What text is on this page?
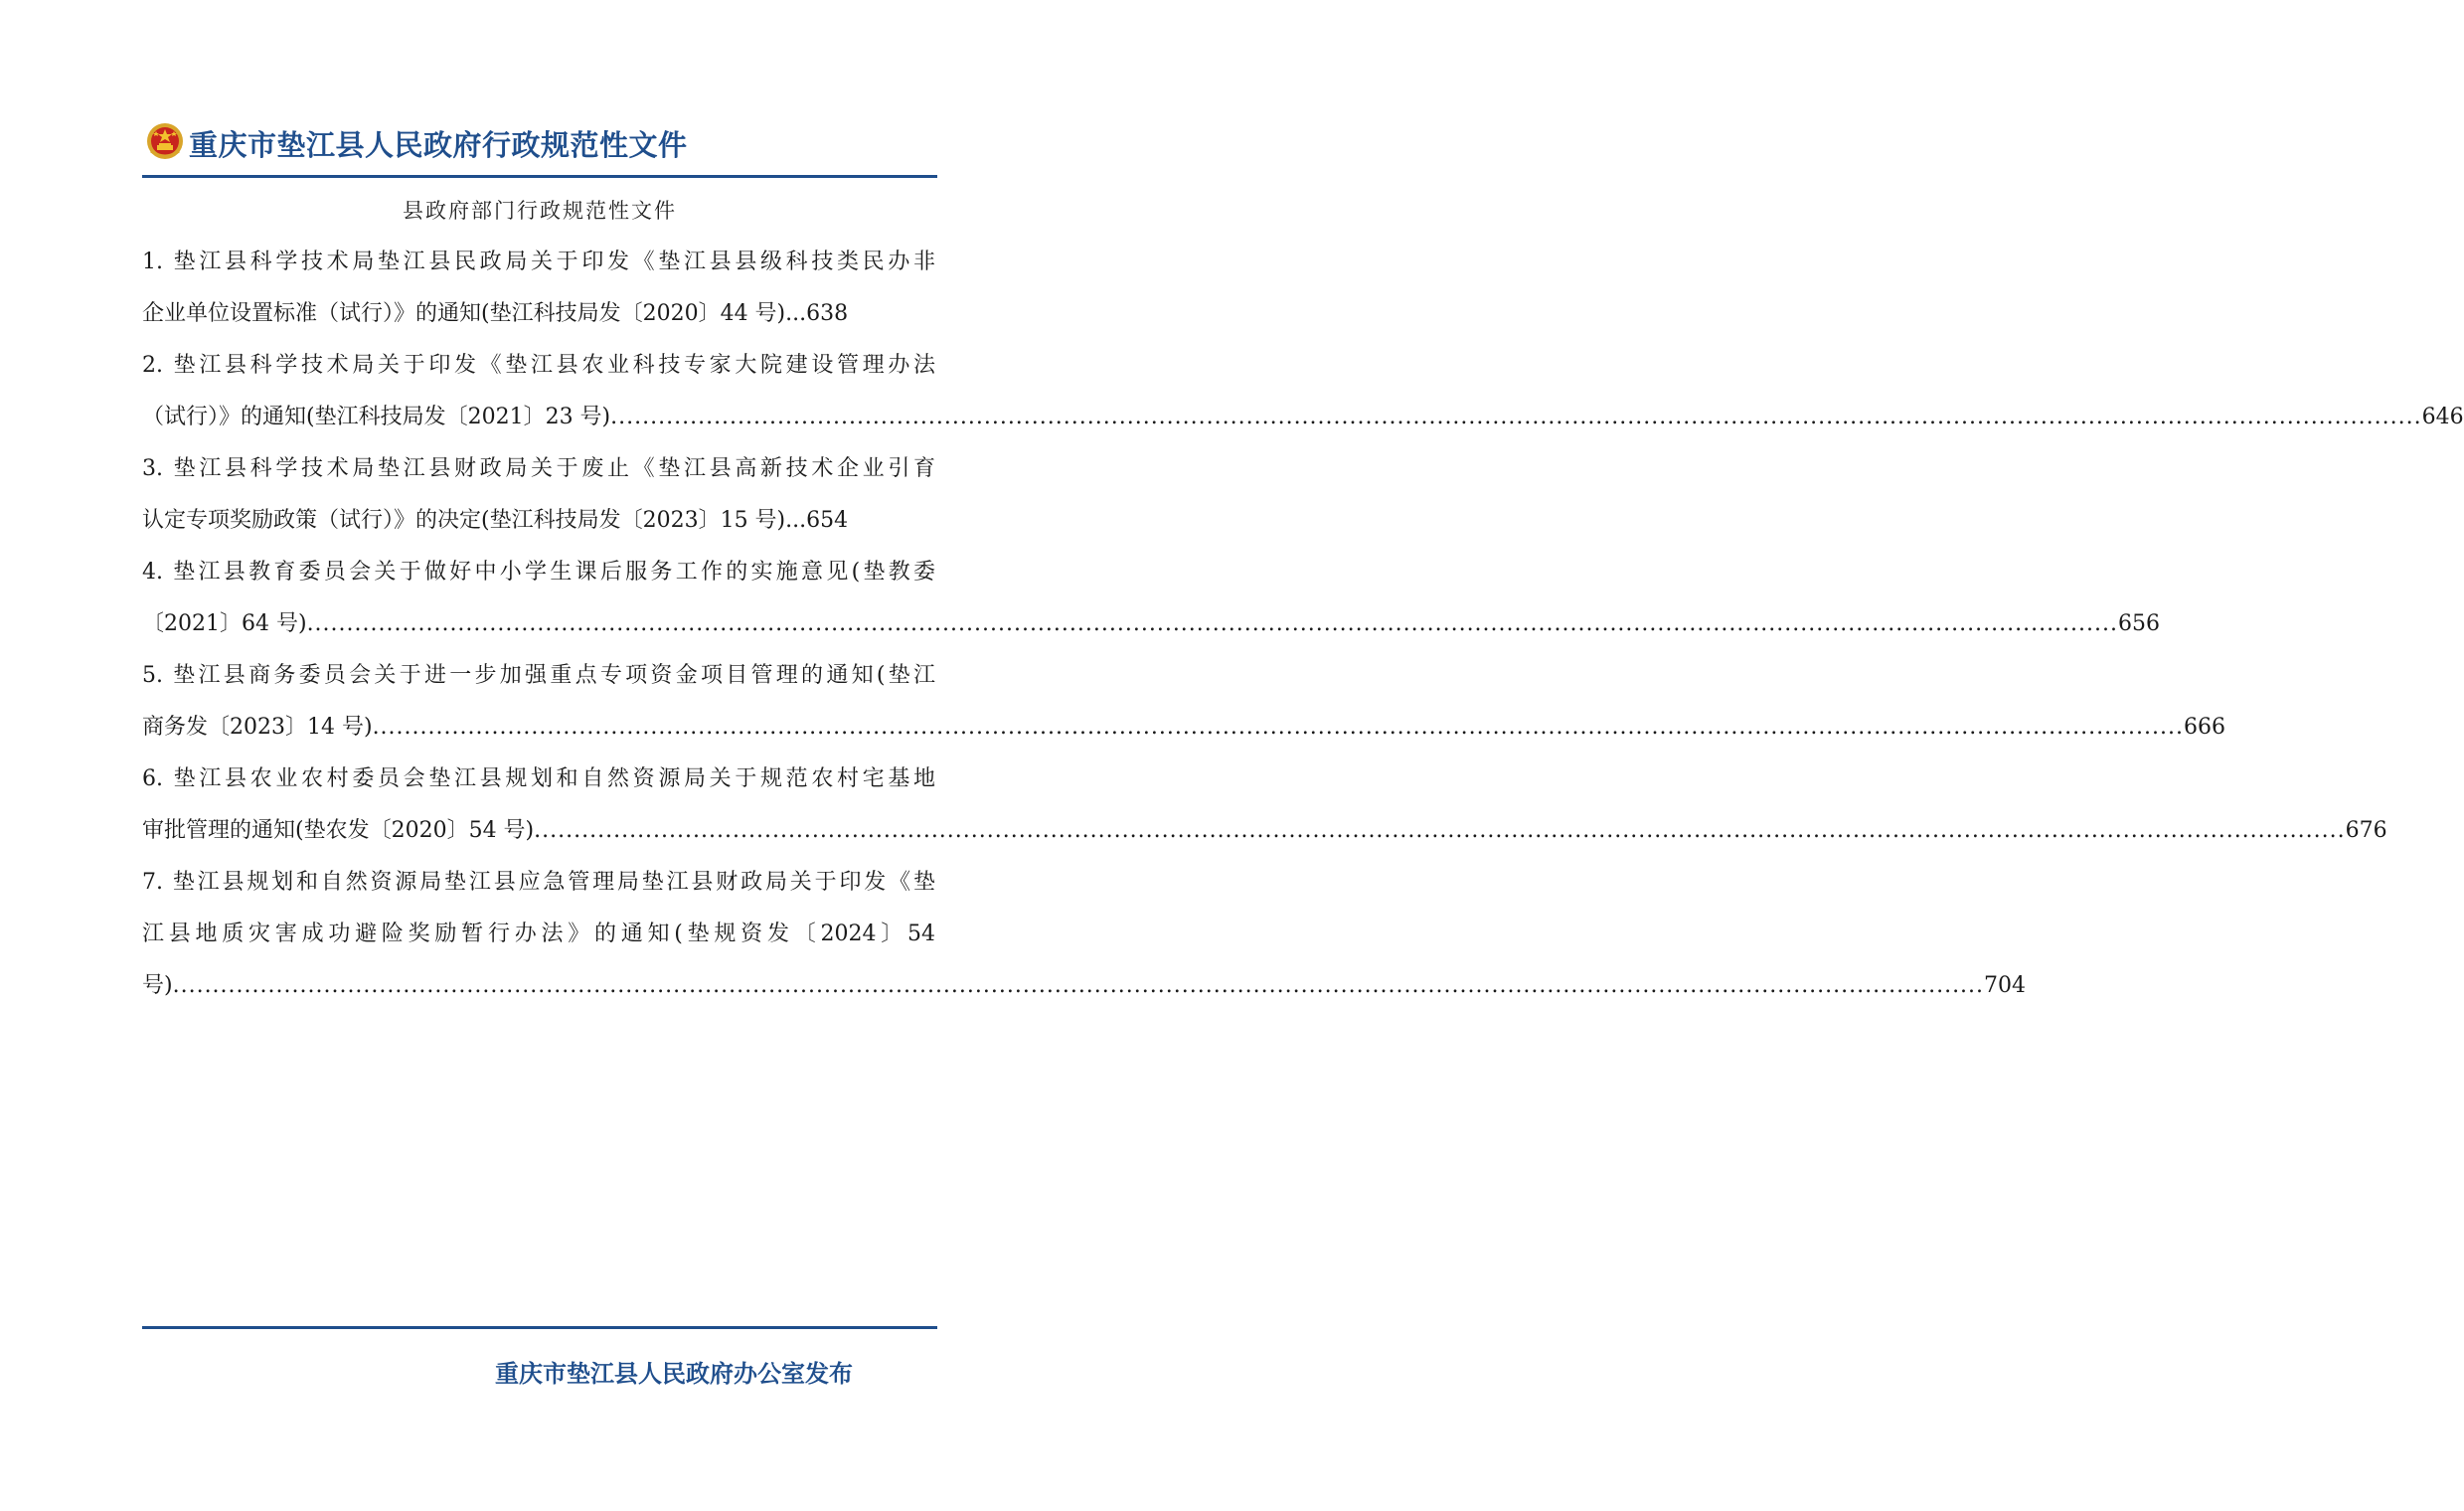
重庆市垫江县人民政府行政规范性文件
县政府部门行政规范性文件
1. 垫江县科学技术局垫江县民政局关于印发《垫江县县级科技类民办非
企业单位设置标准（试行）》的通知(垫江科技局发〔2020〕44 号)...638
2. 垫江县科学技术局关于印发《垫江县农业科技专家大院建设管理办法
（试行）》的通知(垫江科技局发〔2021〕23 号) .................................................................................................................................................................................................................................... 646
3. 垫江县科学技术局垫江县财政局关于废止《垫江县高新技术企业引育
认定专项奖励政策（试行）》的决定(垫江科技局发〔2023〕15 号)...654
4. 垫江县教育委员会关于做好中小学生课后服务工作的实施意见(垫教委
〔2021〕64 号) .................................................................................................................................................................................................................................... 656
5. 垫江县商务委员会关于进一步加强重点专项资金项目管理的通知(垫江
商务发〔2023〕14 号) .................................................................................................................................................................................................................................... 666
6. 垫江县农业农村委员会垫江县规划和自然资源局关于规范农村宅基地
审批管理的通知(垫农发〔2020〕54 号) .................................................................................................................................................................................................................................... 676
7. 垫江县规划和自然资源局垫江县应急管理局垫江县财政局关于印发《垫
江县地质灾害成功避险奖励暂行办法》的通知(垫规资发〔2024〕54
号) .................................................................................................................................................................................................................................... 704
重庆市垫江县人民政府办公室发布
